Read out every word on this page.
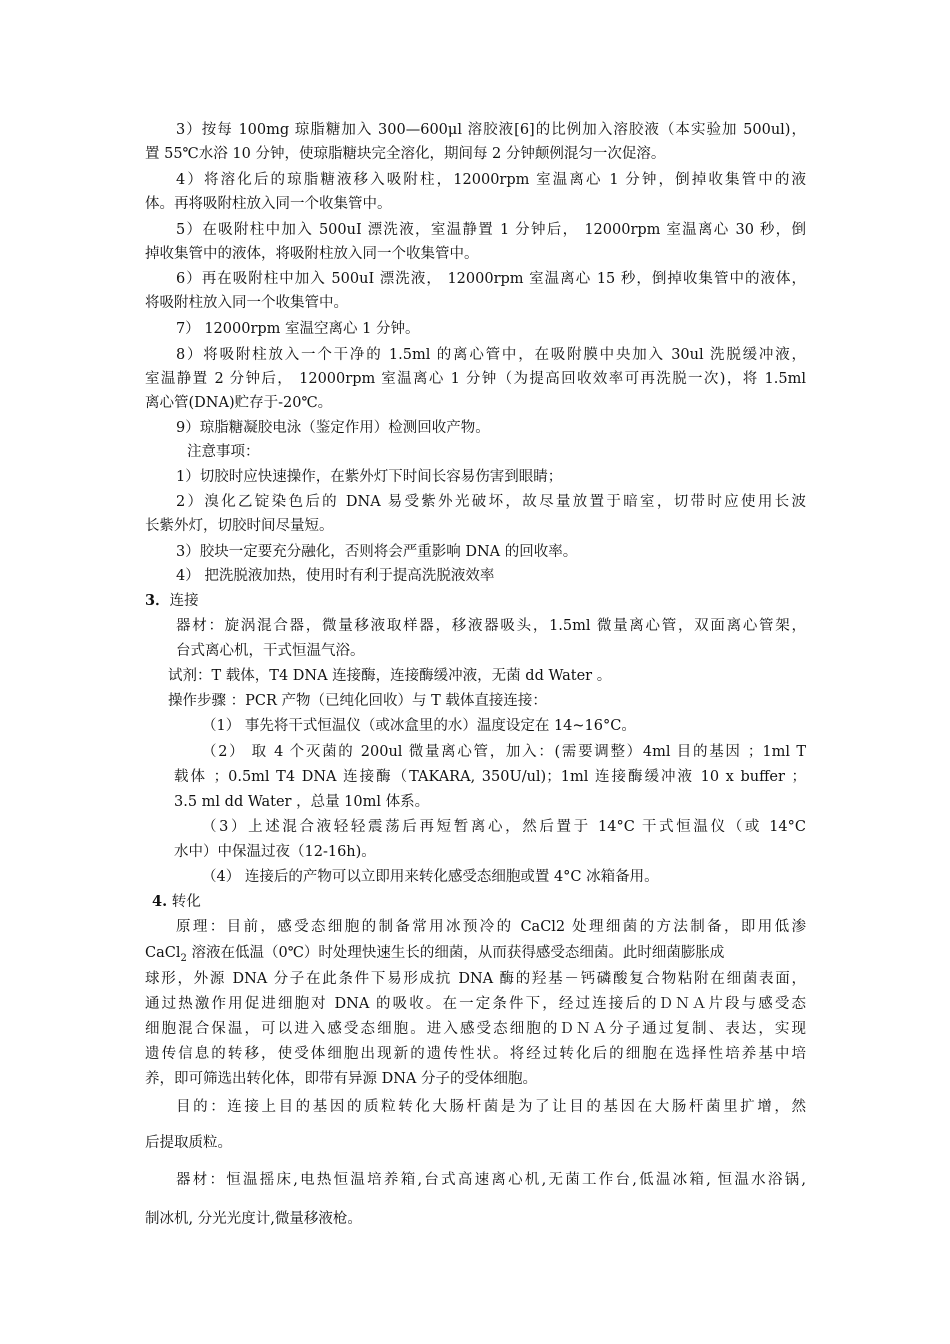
3）按每 100mg 琼脂糖加入 300—600μl 溶胶液[6]的比例加入溶胶液（本实验加 500ul)，
置 55℃水浴 10 分钟，使琼脂糖块完全溶化，期间每 2 分钟颠例混匀一次促溶。
4）将溶化后的琼脂糖液移入吸附柱，12000rpm 室温离心 1 分钟，倒掉收集管中的液
体。再将吸附柱放入同一个收集管中。
5）在吸附柱中加入 500uI 漂洗液，室温静置 1 分钟后， 12000rpm 室温离心 30 秒，倒
掉收集管中的液体，将吸附柱放入同一个收集管中。
6）再在吸附柱中加入 500uI 漂洗液， 12000rpm 室温离心 15 秒，倒掉收集管中的液体，
将吸附柱放入同一个收集管中。
7） 12000rpm 室温空离心 1 分钟。
8）将吸附柱放入一个干净的 1.5ml 的离心管中，在吸附膜中央加入 30ul 洗脱缓冲液，
室温静置 2 分钟后， 12000rpm 室温离心 1 分钟（为提高回收效率可再洗脱一次)，将 1.5ml
离心管(DNA)贮存于-20℃。
9）琼脂糖凝胶电泳（鉴定作用）检测回收产物。
注意事项：
1）切胶时应快速操作，在紫外灯下时间长容易伤害到眼睛；
2）溴化乙锭染色后的 DNA 易受紫外光破坏，故尽量放置于暗室，切带时应使用长波
长紫外灯，切胶时间尽量短。
3）胶块一定要充分融化，否则将会严重影响 DNA 的回收率。
4） 把洗脱液加热，使用时有利于提高洗脱液效率
3．连接
器材：旋涡混合器，微量移液取样器，移液器吸头，1.5ml 微量离心管，双面离心管架，
台式离心机，干式恒温气浴。
试剂：T 载体，T4 DNA 连接酶，连接酶缓冲液，无菌 dd Water 。
操作步骤 ：PCR 产物（已纯化回收）与 T 载体直接连接：
（1） 事先将干式恒温仪（或冰盒里的水）温度设定在 14~16°C。
（2） 取 4 个灭菌的 200ul 微量离心管，加入：(需要调整）4ml 目的基因 ；1ml T
载体 ；0.5ml T4 DNA 连接酶（TAKARA, 350U/ul)；1ml 连接酶缓冲液 10 x buffer ；
3.5 ml dd Water ，总量 10ml 体系。
（3）上述混合液轻轻震荡后再短暂离心，然后置于 14°C 干式恒温仪（或 14°C
水中）中保温过夜（12-16h)。
（4） 连接后的产物可以立即用来转化感受态细胞或置 4°C 冰箱备用。
4. 转化
原理：目前，感受态细胞的制备常用冰预冷的 CaCl2 处理细菌的方法制备，即用低渗
CaCl$_2$ 溶液在低温（0℃）时处理快速生长的细菌，从而获得感受态细菌。此时细菌膨胀成
球形，外源 DNA 分子在此条件下易形成抗 DNA 酶的羟基－钙磷酸复合物粘附在细菌表面，
通过热激作用促进细胞对 DNA 的吸收。在一定条件下，经过连接后的ＤＮＡ片段与感受态
细胞混合保温，可以进入感受态细胞。进入感受态细胞的ＤＮＡ分子通过复制、表达，实现
遗传信息的转移，使受体细胞出现新的遗传性状。将经过转化后的细胞在选择性培养基中培
养，即可筛选出转化体，即带有异源 DNA 分子的受体细胞。
目的：连接上目的基因的质粒转化大肠杆菌是为了让目的基因在大肠杆菌里扩增，然
后提取质粒。
器材：恒温摇床,电热恒温培养箱,台式高速离心机,无菌工作台,低温冰箱, 恒温水浴锅,
制冰机, 分光光度计,微量移液枪。
